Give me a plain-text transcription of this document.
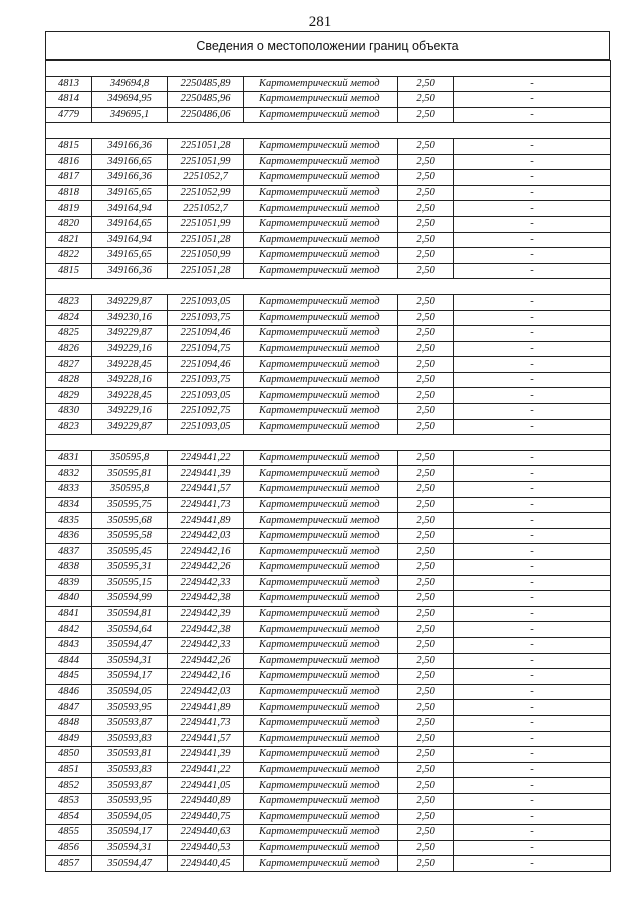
281
Сведения о местоположении границ объекта

4813	349694,8	2250485,89	Картометрический метод	2,50	-
4814	349694,95	2250485,96	Картометрический метод	2,50	-
4779	349695,1	2250486,06	Картометрический метод	2,50	-

4815	349166,36	2251051,28	Картометрический метод	2,50	-
4816	349166,65	2251051,99	Картометрический метод	2,50	-
4817	349166,36	2251052,7	Картометрический метод	2,50	-
4818	349165,65	2251052,99	Картометрический метод	2,50	-
4819	349164,94	2251052,7	Картометрический метод	2,50	-
4820	349164,65	2251051,99	Картометрический метод	2,50	-
4821	349164,94	2251051,28	Картометрический метод	2,50	-
4822	349165,65	2251050,99	Картометрический метод	2,50	-
4815	349166,36	2251051,28	Картометрический метод	2,50	-

4823	349229,87	2251093,05	Картометрический метод	2,50	-
4824	349230,16	2251093,75	Картометрический метод	2,50	-
4825	349229,87	2251094,46	Картометрический метод	2,50	-
4826	349229,16	2251094,75	Картометрический метод	2,50	-
4827	349228,45	2251094,46	Картометрический метод	2,50	-
4828	349228,16	2251093,75	Картометрический метод	2,50	-
4829	349228,45	2251093,05	Картометрический метод	2,50	-
4830	349229,16	2251092,75	Картометрический метод	2,50	-
4823	349229,87	2251093,05	Картометрический метод	2,50	-

4831	350595,8	2249441,22	Картометрический метод	2,50	-
4832	350595,81	2249441,39	Картометрический метод	2,50	-
4833	350595,8	2249441,57	Картометрический метод	2,50	-
4834	350595,75	2249441,73	Картометрический метод	2,50	-
4835	350595,68	2249441,89	Картометрический метод	2,50	-
4836	350595,58	2249442,03	Картометрический метод	2,50	-
4837	350595,45	2249442,16	Картометрический метод	2,50	-
4838	350595,31	2249442,26	Картометрический метод	2,50	-
4839	350595,15	2249442,33	Картометрический метод	2,50	-
4840	350594,99	2249442,38	Картометрический метод	2,50	-
4841	350594,81	2249442,39	Картометрический метод	2,50	-
4842	350594,64	2249442,38	Картометрический метод	2,50	-
4843	350594,47	2249442,33	Картометрический метод	2,50	-
4844	350594,31	2249442,26	Картометрический метод	2,50	-
4845	350594,17	2249442,16	Картометрический метод	2,50	-
4846	350594,05	2249442,03	Картометрический метод	2,50	-
4847	350593,95	2249441,89	Картометрический метод	2,50	-
4848	350593,87	2249441,73	Картометрический метод	2,50	-
4849	350593,83	2249441,57	Картометрический метод	2,50	-
4850	350593,81	2249441,39	Картометрический метод	2,50	-
4851	350593,83	2249441,22	Картометрический метод	2,50	-
4852	350593,87	2249441,05	Картометрический метод	2,50	-
4853	350593,95	2249440,89	Картометрический метод	2,50	-
4854	350594,05	2249440,75	Картометрический метод	2,50	-
4855	350594,17	2249440,63	Картометрический метод	2,50	-
4856	350594,31	2249440,53	Картометрический метод	2,50	-
4857	350594,47	2249440,45	Картометрический метод	2,50	-
